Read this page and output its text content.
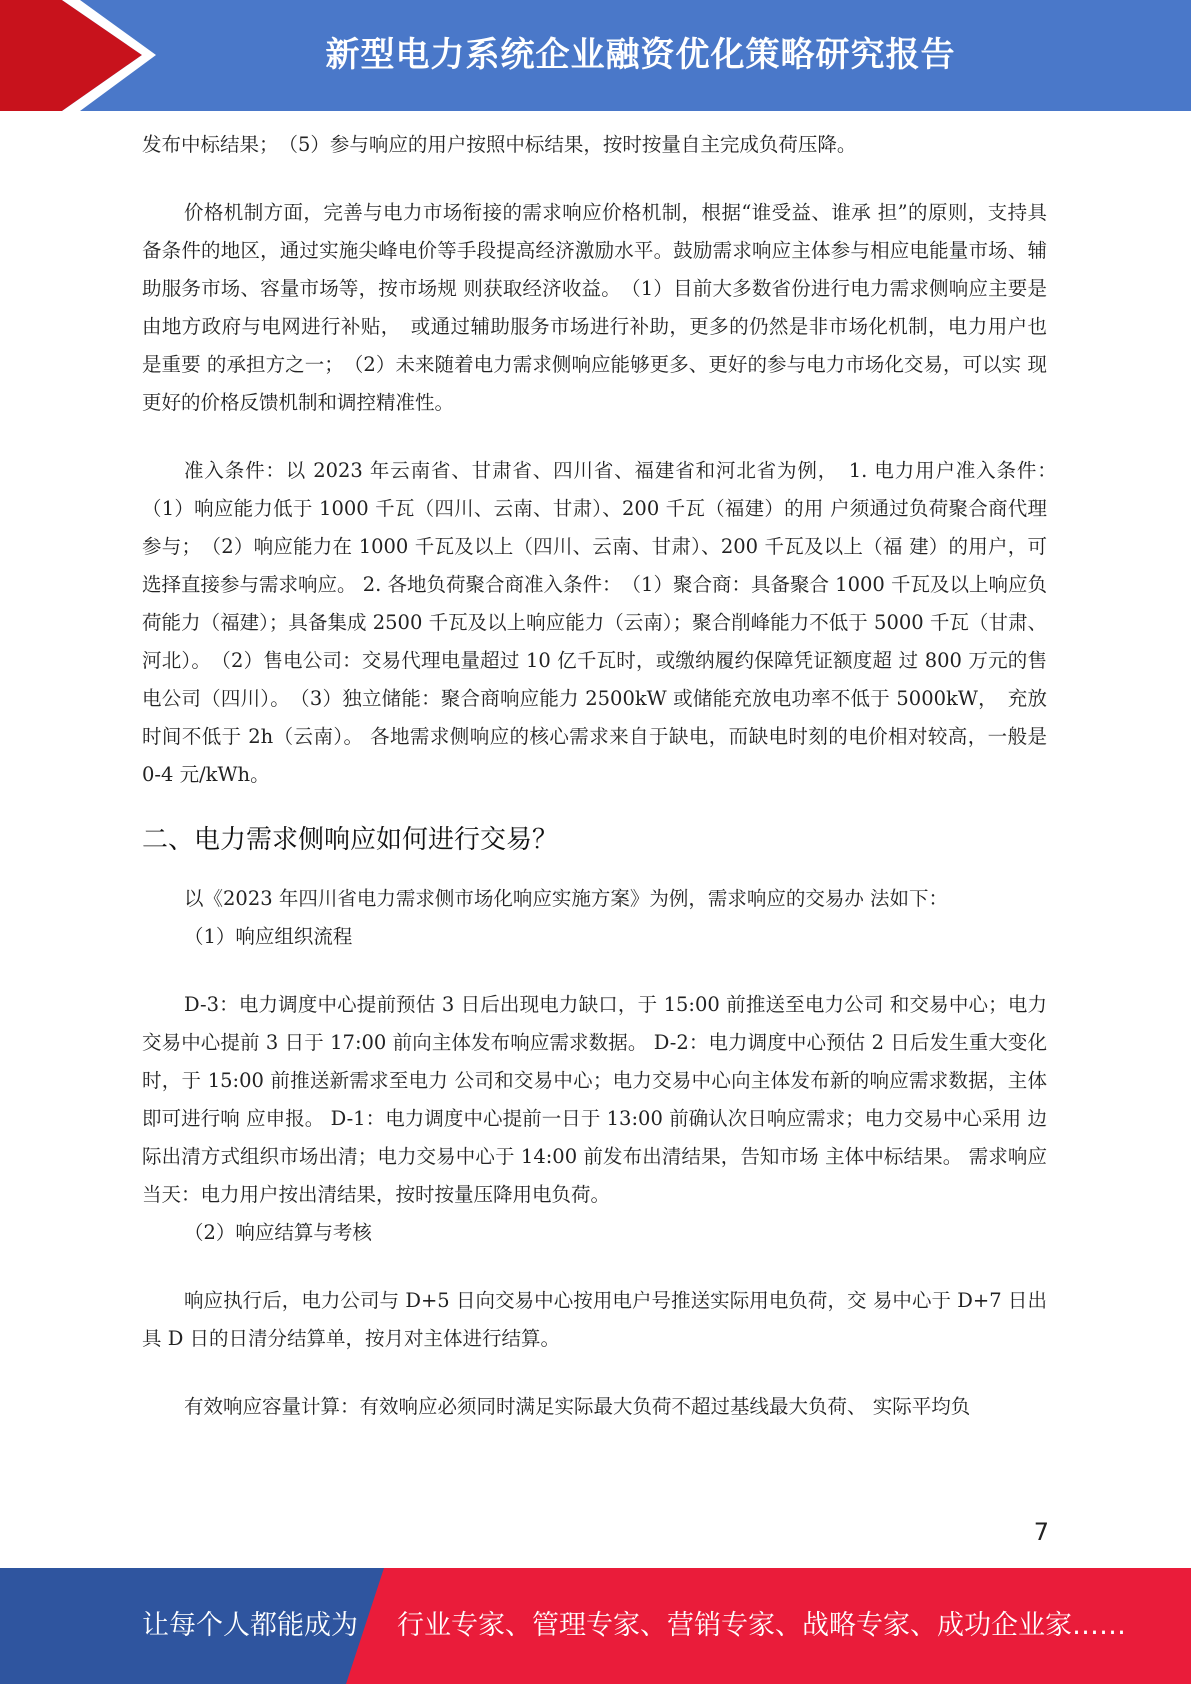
新型电力系统企业融资优化策略研究报告

发布中标结果；　（5）参与响应的用户按照中标结果，按时按量自主完成负荷压降。

价格机制方面，完善与电力市场衔接的需求响应价格机制，根据“谁受益、谁承 担”的原则，支持具备条件的地区，通过实施尖峰电价等手段提高经济激励水平。鼓励需求响应主体参与相应电能量市场、辅助服务市场、容量市场等，按市场规 则获取经济收益。　（1）目前大多数省份进行电力需求侧响应主要是由地方政府与电网进行补贴，　或通过辅助服务市场进行补助，更多的仍然是非市场化机制，电力用户也是重要 的承担方之一；　（2）未来随着电力需求侧响应能够更多、更好的参与电力市场化交易，可以实 现更好的价格反馈机制和调控精准性。

准入条件：以 2023 年云南省、甘肃省、四川省、福建省和河北省为例，　1. 电力用户准入条件：　（1）响应能力低于 1000 千瓦（四川、云南、甘肃）、200 千瓦（福建）的用 户须通过负荷聚合商代理参与；　（2）响应能力在 1000 千瓦及以上（四川、云南、甘肃）、200 千瓦及以上（福 建）的用户，可选择直接参与需求响应。 2. 各地负荷聚合商准入条件：　（1）聚合商：具备聚合 1000 千瓦及以上响应负荷能力（福建）；具备集成 2500 千瓦及以上响应能力（云南）；聚合削峰能力不低于 5000 千瓦（甘肃、河北）。　（2）售电公司：交易代理电量超过 10 亿千瓦时，或缴纳履约保障凭证额度超 过 800 万元的售电公司（四川）。　（3）独立储能：聚合商响应能力 2500kW 或储能充放电功率不低于 5000kW，　充放时间不低于 2h（云南）。 各地需求侧响应的核心需求来自于缺电，而缺电时刻的电价相对较高，一般是 0-4 元/kWh。

二、电力需求侧响应如何进行交易？

以《2023 年四川省电力需求侧市场化响应实施方案》为例，需求响应的交易办 法如下：

（1）响应组织流程

D-3：电力调度中心提前预估 3 日后出现电力缺口，于 15:00 前推送至电力公司 和交易中心；电力交易中心提前 3 日于 17:00 前向主体发布响应需求数据。 D-2：电力调度中心预估 2 日后发生重大变化时，于 15:00 前推送新需求至电力 公司和交易中心；电力交易中心向主体发布新的响应需求数据，主体即可进行响 应申报。 D-1：电力调度中心提前一日于 13:00 前确认次日响应需求；电力交易中心采用 边际出清方式组织市场出清；电力交易中心于 14:00 前发布出清结果，告知市场 主体中标结果。 需求响应当天：电力用户按出清结果，按时按量压降用电负荷。

（2）响应结算与考核

响应执行后，电力公司与 D+5 日向交易中心按用电户号推送实际用电负荷，交 易中心于 D+7 日出具 D 日的日清分结算单，按月对主体进行结算。

有效响应容量计算：有效响应必须同时满足实际最大负荷不超过基线最大负荷、 实际平均负

7
让每个人都能成为 行业专家、管理专家、营销专家、战略专家、成功企业家……
